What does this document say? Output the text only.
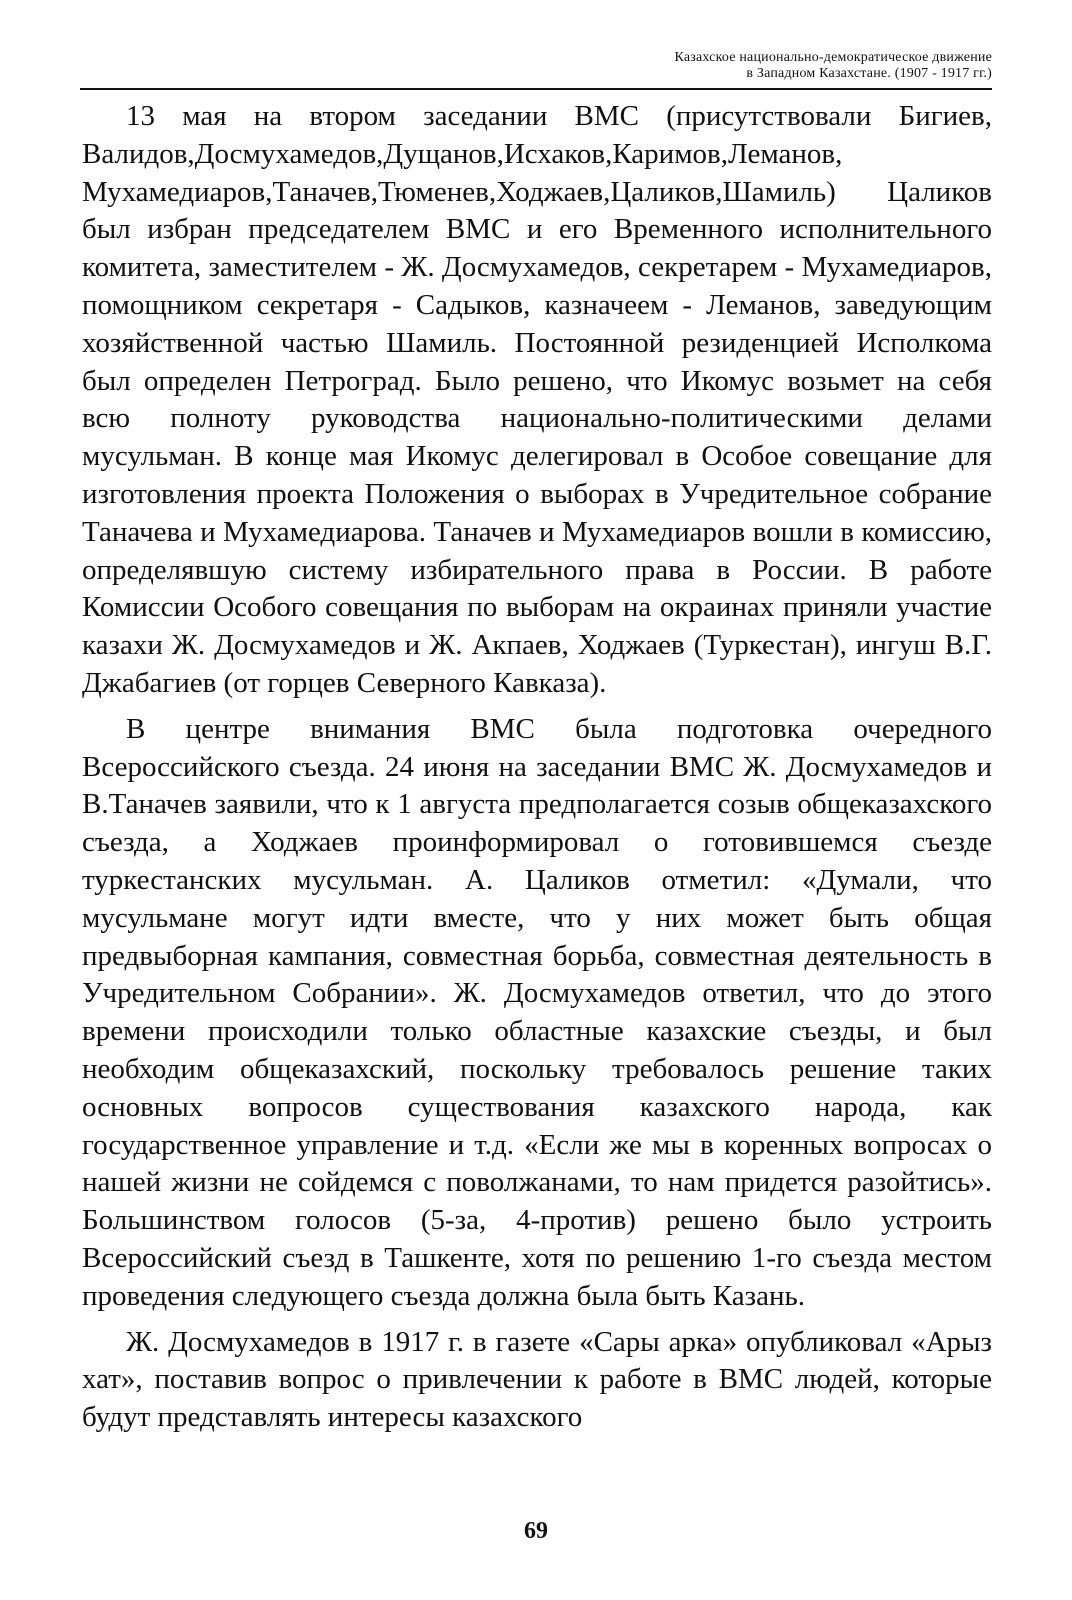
Казахское национально-демократическое движение
в Западном Казахстане. (1907 - 1917 гг.)

13 мая на втором заседании ВМС (присутствовали Бигиев, Валидов,Досмухамедов,Дущанов,Исхаков,Каримов,Леманов, Мухамедиаров,Таначев,Тюменев,Ходжаев,Цаликов,Шамиль) Цаликов был избран председателем ВМС и его Временного исполнительного комитета, заместителем - Ж. Досмухамедов, секретарем - Мухамедиаров, помощником секретаря - Садыков, казначеем - Леманов, заведующим хозяйственной частью Шамиль. Постоянной резиденцией Исполкома был определен Петроград. Было решено, что Икомус возьмет на себя всю полноту руководства национально-политическими делами мусульман. В конце мая Икомус делегировал в Особое совещание для изготовления проекта Положения о выборах в Учредительное собрание Таначева и Мухамедиарова. Таначев и Мухамедиаров вошли в комиссию, определявшую систему избирательного права в России. В работе Комиссии Особого совещания по выборам на окраинах приняли участие казахи Ж. Досмухамедов и Ж. Акпаев, Ходжаев (Туркестан), ингуш В.Г. Джабагиев (от горцев Северного Кавказа).

В центре внимания ВМС была подготовка очередного Всероссийского съезда. 24 июня на заседании ВМС Ж. Досмухамедов и В.Таначев заявили, что к 1 августа предполагается созыв общеказахского съезда, а Ходжаев проинформировал о готовившемся съезде туркестанских мусульман. А. Цаликов отметил: «Думали, что мусульмане могут идти вместе, что у них может быть общая предвыборная кампания, совместная борьба, совместная деятельность в Учредительном Собрании». Ж. Досмухамедов ответил, что до этого времени происходили только областные казахские съезды, и был необходим общеказахский, поскольку требовалось решение таких основных вопросов существования казахского народа, как государственное управление и т.д. «Если же мы в коренных вопросах о нашей жизни не сойдемся с поволжанами, то нам придется разойтись». Большинством голосов (5-за, 4-против) решено было устроить Всероссийский съезд в Ташкенте, хотя по решению 1-го съезда местом проведения следующего съезда должна была быть Казань.

Ж. Досмухамедов в 1917 г. в газете «Сары арка» опубликовал «Арыз хат», поставив вопрос о привлечении к работе в ВМС людей, которые будут представлять интересы казахского

69
